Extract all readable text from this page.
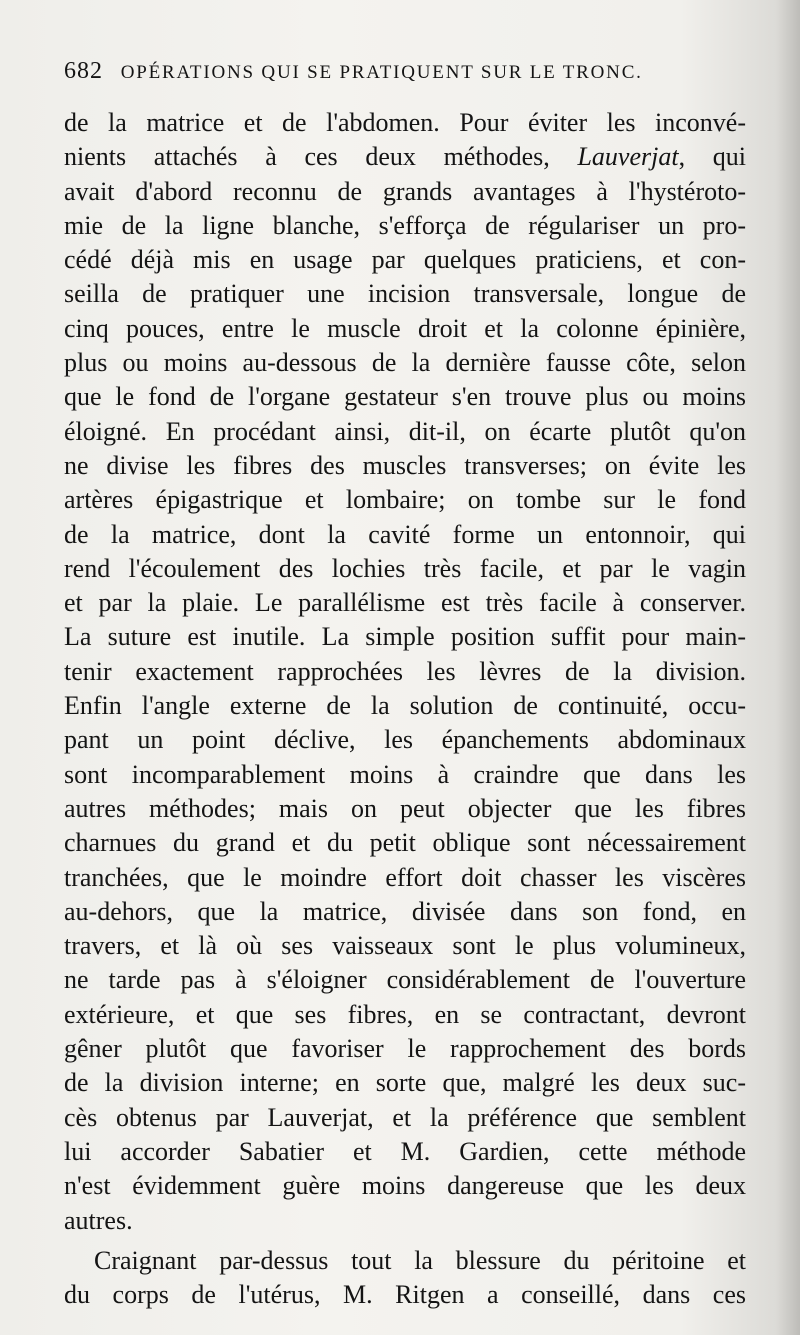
682 OPÉRATIONS QUI SE PRATIQUENT SUR LE TRONC.
de la matrice et de l'abdomen. Pour éviter les inconvé-
nients attachés à ces deux méthodes, Lauverjat, qui
avait d'abord reconnu de grands avantages à l'hystéroto-
mie de la ligne blanche, s'efforça de régulariser un pro-
cédé déjà mis en usage par quelques praticiens, et con-
seilla de pratiquer une incision transversale, longue de
cinq pouces, entre le muscle droit et la colonne épinière,
plus ou moins au-dessous de la dernière fausse côte, selon
que le fond de l'organe gestateur s'en trouve plus ou moins
éloigné. En procédant ainsi, dit-il, on écarte plutôt qu'on
ne divise les fibres des muscles transverses; on évite les
artères épigastrique et lombaire; on tombe sur le fond
de la matrice, dont la cavité forme un entonnoir, qui
rend l'écoulement des lochies très facile, et par le vagin
et par la plaie. Le parallélisme est très facile à conserver.
La suture est inutile. La simple position suffit pour main-
tenir exactement rapprochées les lèvres de la division.
Enfin l'angle externe de la solution de continuité, occu-
pant un point déclive, les épanchements abdominaux
sont incomparablement moins à craindre que dans les
autres méthodes; mais on peut objecter que les fibres
charnues du grand et du petit oblique sont nécessairement
tranchées, que le moindre effort doit chasser les viscères
au-dehors, que la matrice, divisée dans son fond, en
travers, et là où ses vaisseaux sont le plus volumineux,
ne tarde pas à s'éloigner considérablement de l'ouverture
extérieure, et que ses fibres, en se contractant, devront
gêner plutôt que favoriser le rapprochement des bords
de la division interne; en sorte que, malgré les deux suc-
cès obtenus par Lauverjat, et la préférence que semblent
lui accorder Sabatier et M. Gardien, cette méthode
n'est évidemment guère moins dangereuse que les deux
autres.
Craignant par-dessus tout la blessure du péritoine et
du corps de l'utérus, M. Ritgen a conseillé, dans ces
